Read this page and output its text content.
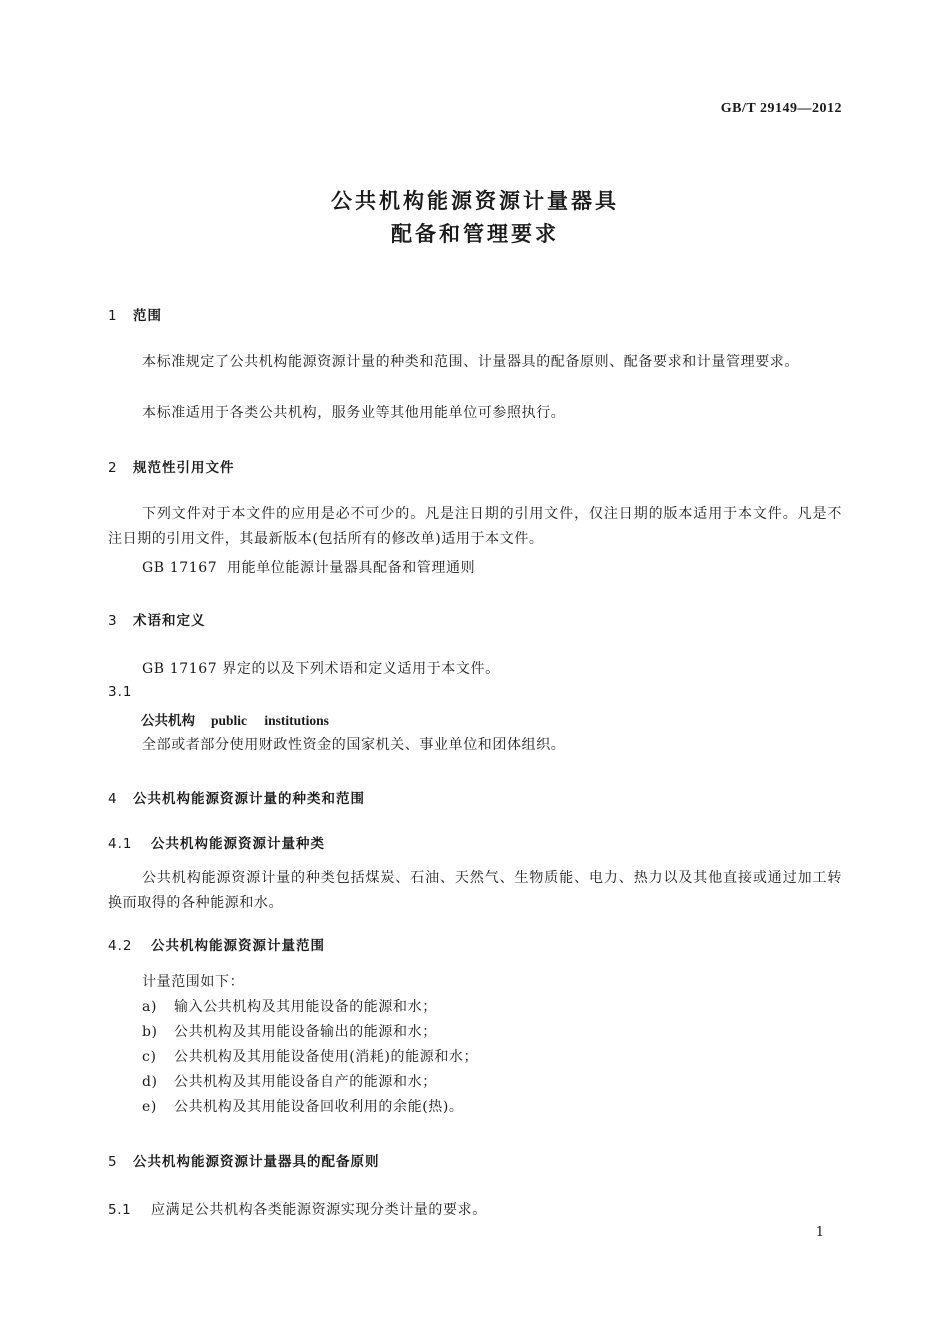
GB/T 29149—2012
公共机构能源资源计量器具
配备和管理要求
1 范围
本标准规定了公共机构能源资源计量的种类和范围、计量器具的配备原则、配备要求和计量管理要求。
本标准适用于各类公共机构，服务业等其他用能单位可参照执行。
2 规范性引用文件
下列文件对于本文件的应用是必不可少的。凡是注日期的引用文件，仅注日期的版本适用于本文件。凡是不注日期的引用文件，其最新版本(包括所有的修改单)适用于本文件。
GB 17167 用能单位能源计量器具配备和管理通则
3 术语和定义
GB 17167 界定的以及下列术语和定义适用于本文件。
3.1
公共机构 public institutions
全部或者部分使用财政性资金的国家机关、事业单位和团体组织。
4 公共机构能源资源计量的种类和范围
4.1 公共机构能源资源计量种类
公共机构能源资源计量的种类包括煤炭、石油、天然气、生物质能、电力、热力以及其他直接或通过加工转换而取得的各种能源和水。
4.2 公共机构能源资源计量范围
计量范围如下：
a) 输入公共机构及其用能设备的能源和水；
b) 公共机构及其用能设备输出的能源和水；
c) 公共机构及其用能设备使用(消耗)的能源和水；
d) 公共机构及其用能设备自产的能源和水；
e) 公共机构及其用能设备回收利用的余能(热)。
5 公共机构能源资源计量器具的配备原则
5.1 应满足公共机构各类能源资源实现分类计量的要求。
1
